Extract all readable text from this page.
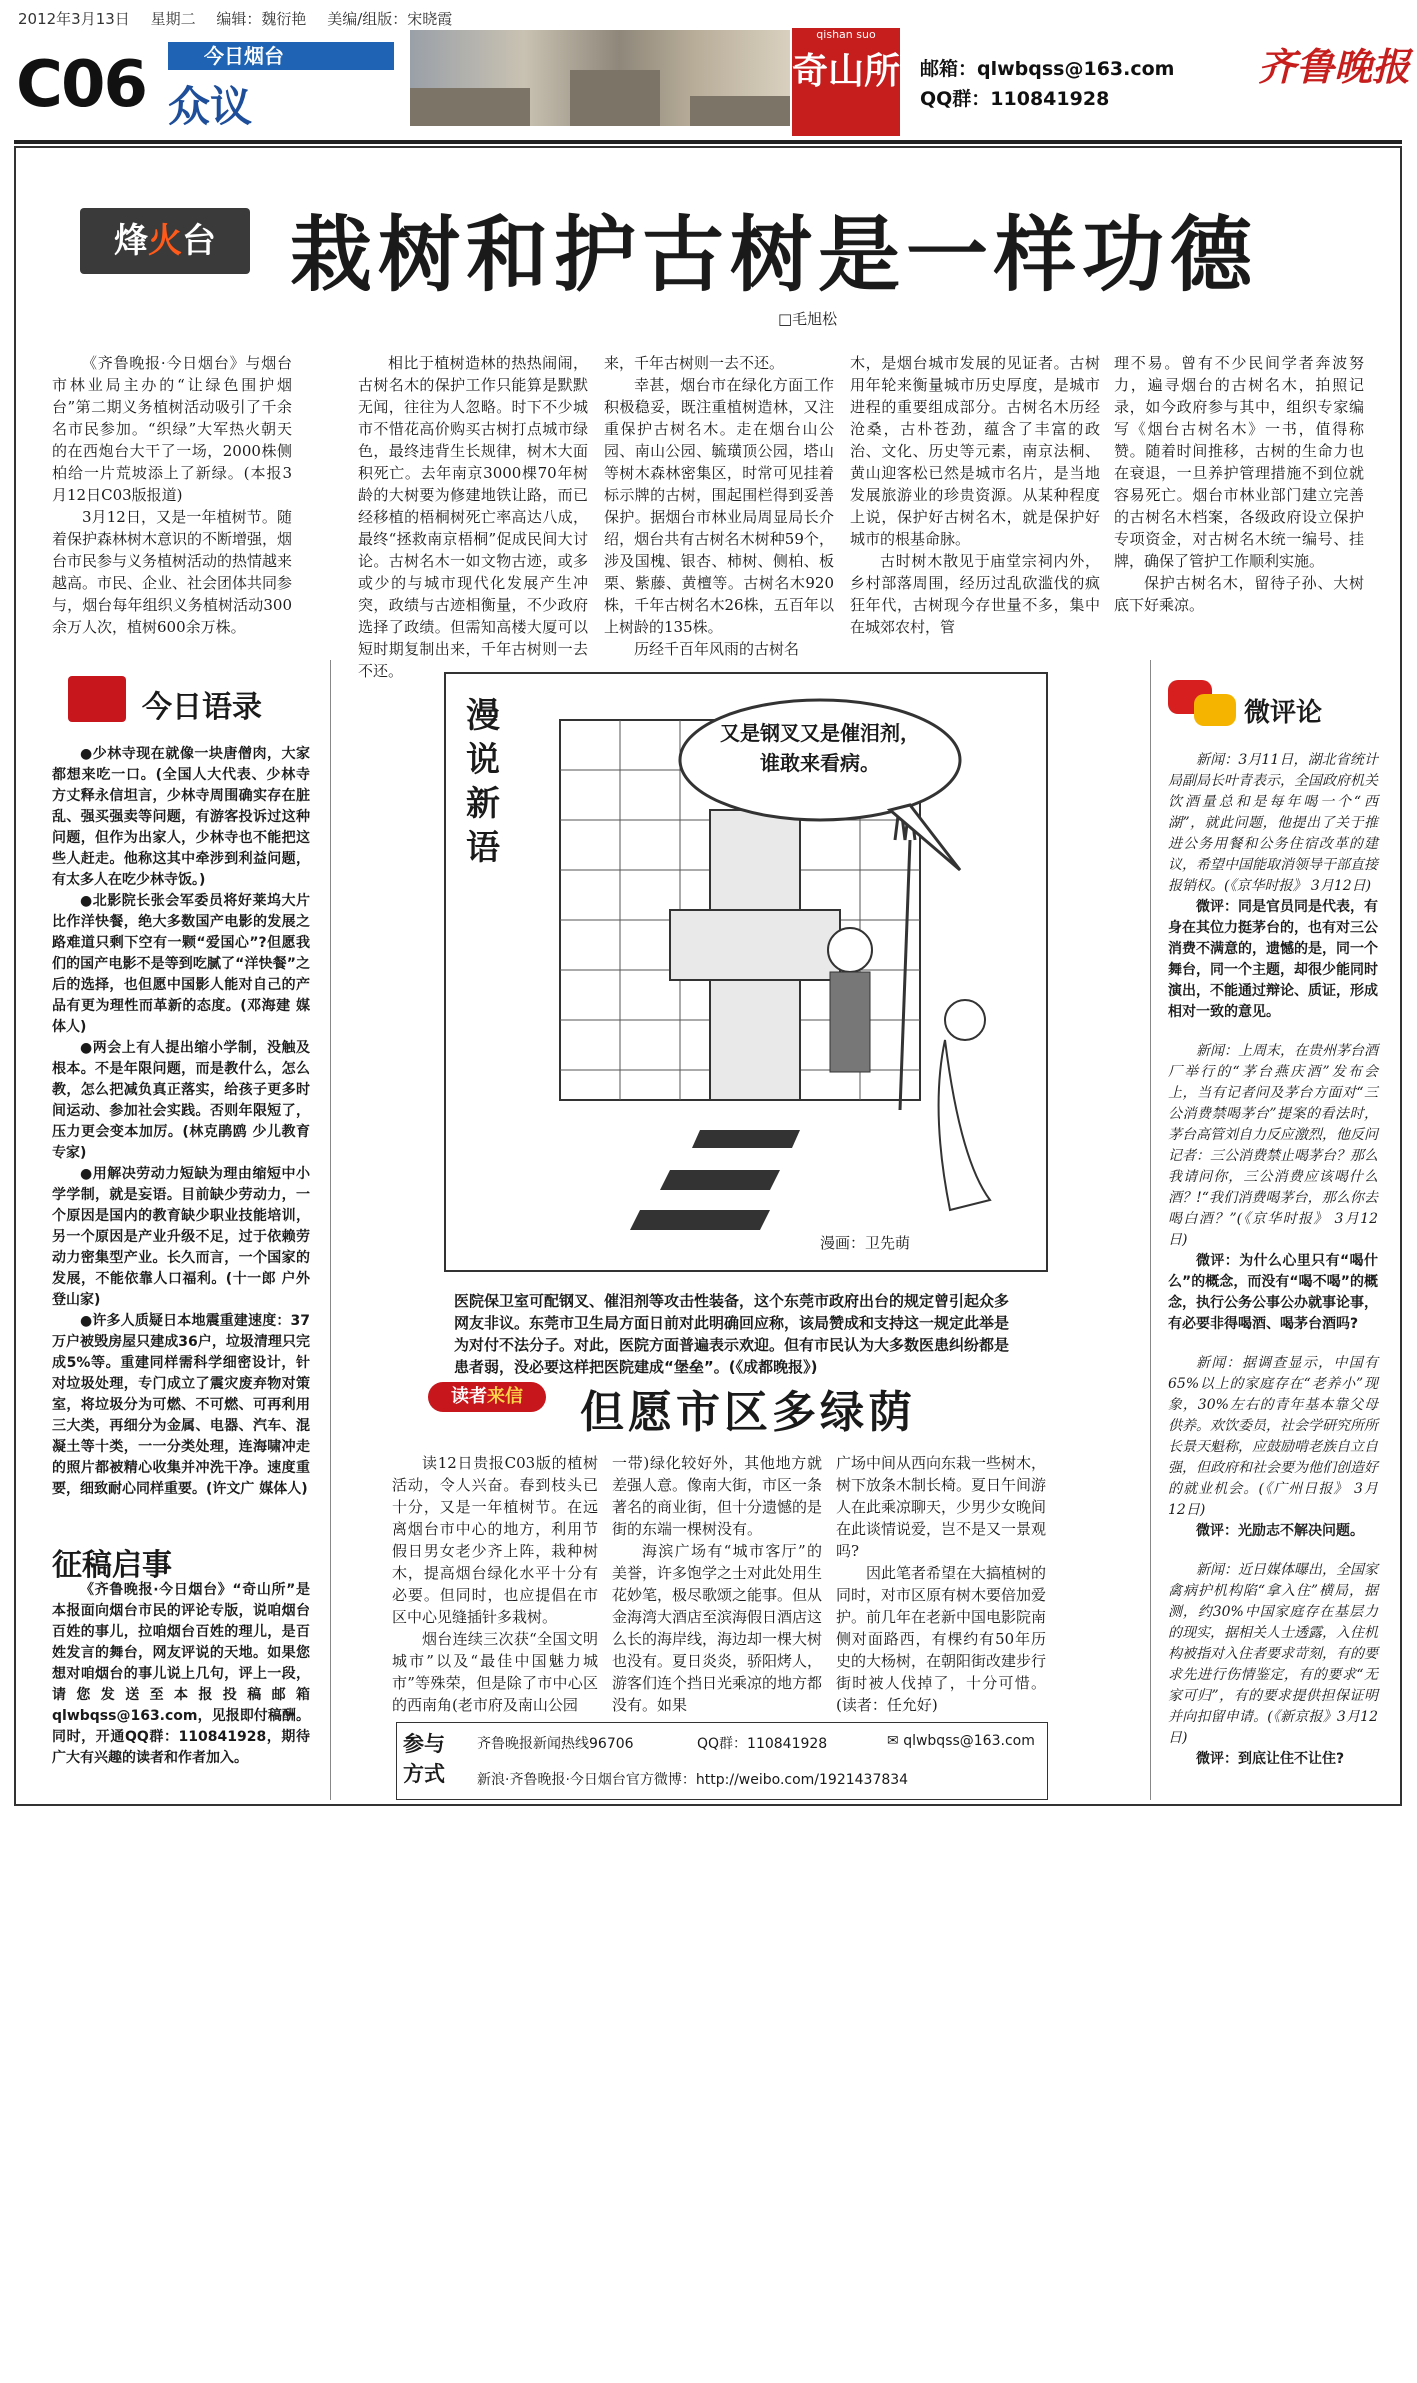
2012年3月13日 星期二 编辑：魏衍艳 美编/组版：宋晓霞
C06	今日烟台
众议
qishan suo
奇山所 邮箱：qlwbqss@163.com
QQ群：110841928
齐鲁晚报
烽火台 栽树和护古树是一样功德
□毛旭松

《齐鲁晚报·今日烟台》与烟台市林业局主办的“让绿色围护烟台”第二期义务植树活动吸引了千余名市民参加。“织绿”大军热火朝天的在西炮台大干了一场，2000株侧柏给一片荒坡添上了新绿。(本报3月12日C03版报道)

3月12日，又是一年植树节。随着保护森林树木意识的不断增强，烟台市民参与义务植树活动的热情越来越高。市民、企业、社会团体共同参与，烟台每年组织义务植树活动300余万人次，植树600余万株。

相比于植树造林的热热闹闹，古树名木的保护工作只能算是默默无闻，往往为人忽略。时下不少城市不惜花高价购买古树打点城市绿色，最终违背生长规律，树木大面积死亡。去年南京3000棵70年树龄的大树要为修建地铁让路，而已经移植的梧桐树死亡率高达八成，最终“拯救南京梧桐”促成民间大讨论。古树名木一如文物古迹，或多或少的与城市现代化发展产生冲突，政绩与古迹相衡量，不少政府选择了政绩。但需知高楼大厦可以短时期复制出来，千年古树则一去不还。

来，千年古树则一去不还。

幸甚，烟台市在绿化方面工作积极稳妥，既注重植树造林，又注重保护古树名木。走在烟台山公园、南山公园、毓璜顶公园，塔山等树木森林密集区，时常可见挂着标示牌的古树，围起围栏得到妥善保护。据烟台市林业局周显局长介绍，烟台共有古树名木树种59个，涉及国槐、银杏、柿树、侧柏、板栗、紫藤、黄檀等。古树名木920株，千年古树名木26株，五百年以上树龄的135株。

历经千百年风雨的古树名

木，是烟台城市发展的见证者。古树用年轮来衡量城市历史厚度，是城市进程的重要组成部分。古树名木历经沧桑，古朴苍劲，蕴含了丰富的政治、文化、历史等元素，南京法桐、黄山迎客松已然是城市名片，是当地发展旅游业的珍贵资源。从某种程度上说，保护好古树名木，就是保护好城市的根基命脉。

古时树木散见于庙堂宗祠内外，乡村部落周围，经历过乱砍滥伐的疯狂年代，古树现今存世量不多，集中在城郊农村，管

理不易。曾有不少民间学者奔波努力，遍寻烟台的古树名木，拍照记录，如今政府参与其中，组织专家编写《烟台古树名木》一书，值得称赞。随着时间推移，古树的生命力也在衰退，一旦养护管理措施不到位就容易死亡。烟台市林业部门建立完善的古树名木档案，各级政府设立保护专项资金，对古树名木统一编号、挂牌，确保了管护工作顺利实施。

保护古树名木，留待子孙、大树底下好乘凉。

今日语录

●少林寺现在就像一块唐僧肉，大家都想来吃一口。(全国人大代表、少林寺方丈释永信坦言，少林寺周围确实存在脏乱、强买强卖等问题，有游客投诉过这种问题，但作为出家人，少林寺也不能把这些人赶走。他称这其中牵涉到利益问题，有太多人在吃少林寺饭。)

●北影院长张会军委员将好莱坞大片比作洋快餐，绝大多数国产电影的发展之路难道只剩下空有一颗“爱国心”?但愿我们的国产电影不是等到吃腻了“洋快餐”之后的选择，也但愿中国影人能对自己的产品有更为理性而革新的态度。(邓海建 媒体人)

●两会上有人提出缩小学制，没触及根本。不是年限问题，而是教什么，怎么教，怎么把减负真正落实，给孩子更多时间运动、参加社会实践。否则年限短了，压力更会变本加厉。(林克鹃鸥 少儿教育专家)

●用解决劳动力短缺为理由缩短中小学学制，就是妄语。目前缺少劳动力，一个原因是国内的教育缺少职业技能培训，另一个原因是产业升级不足，过于依赖劳动力密集型产业。长久而言，一个国家的发展，不能依靠人口福利。(十一郎 户外登山家)

●许多人质疑日本地震重建速度：37万户被毁房屋只建成36户，垃圾清理只完成5%等。重建同样需科学细密设计，针对垃圾处理，专门成立了震灾废弃物对策室，将垃圾分为可燃、不可燃、可再利用三大类，再细分为金属、电器、汽车、混凝土等十类，一一分类处理，连海啸冲走的照片都被精心收集并冲洗干净。速度重要，细致耐心同样重要。(许文广 媒体人)

征稿启事

《齐鲁晚报·今日烟台》“奇山所”是本报面向烟台市民的评论专版，说咱烟台百姓的事儿，拉咱烟台百姓的理儿，是百姓发言的舞台，网友评说的天地。如果您想对咱烟台的事儿说上几句，评上一段，请您发送至本报投稿邮箱qlwbqss@163.com，见报即付稿酬。同时，开通QQ群：110841928，期待广大有兴趣的读者和作者加入。

漫说新语
又是钢叉又是催泪剂，谁敢来看病。
漫画：卫先萌
医院保卫室可配钢叉、催泪剂等攻击性装备，这个东莞市政府出台的规定曾引起众多网友非议。东莞市卫生局方面日前对此明确回应称，该局赞成和支持这一规定此举是为对付不法分子。对此，医院方面普遍表示欢迎。但有市民认为大多数医患纠纷都是患者弱，没必要这样把医院建成“堡垒”。(《成都晚报》)
读者来信	但愿市区多绿荫

读12日贵报C03版的植树活动，令人兴奋。春到枝头已十分，又是一年植树节。在远离烟台市中心的地方，利用节假日男女老少齐上阵，栽种树木，提高烟台绿化水平十分有必要。但同时，也应提倡在市区中心见缝插针多栽树。

烟台连续三次获“全国文明城市”以及“最佳中国魅力城市”等殊荣，但是除了市中心区的西南角(老市府及南山公园

一带)绿化较好外，其他地方就差强人意。像南大街，市区一条著名的商业街，但十分遗憾的是街的东端一棵树没有。

海滨广场有“城市客厅”的美誉，许多饱学之士对此处用生花妙笔，极尽歌颂之能事。但从金海湾大酒店至滨海假日酒店这么长的海岸线，海边却一棵大树也没有。夏日炎炎，骄阳烤人，游客们连个挡日光乘凉的地方都没有。如果

广场中间从西向东栽一些树木，树下放条木制长椅。夏日午间游人在此乘凉聊天，少男少女晚间在此谈情说爱，岂不是又一景观吗?

因此笔者希望在大搞植树的同时，对市区原有树木要倍加爱护。前几年在老新中国电影院南侧对面路西，有棵约有50年历史的大杨树，在朝阳街改建步行街时被人伐掉了，十分可惜。(读者：任允好)

参与方式
齐鲁晚报新闻热线96706	QQ群：110841928	✉ qlwbqss@163.com
新浪·齐鲁晚报·今日烟台官方微博：http://weibo.com/1921437834
微评论

新闻：3月11日，湖北省统计局副局长叶青表示，全国政府机关饮酒量总和是每年喝一个“西湖”，就此问题，他提出了关于推进公务用餐和公务住宿改革的建议，希望中国能取消领导干部直接报销权。(《京华时报》 3月12日)

微评：同是官员同是代表，有身在其位力挺茅台的，也有对三公消费不满意的，遗憾的是，同一个舞台，同一个主题，却很少能同时演出，不能通过辩论、质证，形成相对一致的意见。

新闻：上周末，在贵州茅台酒厂举行的“茅台燕庆酒”发布会上，当有记者问及茅台方面对“三公消费禁喝茅台”提案的看法时，茅台高管刘自力反应激烈，他反问记者：三公消费禁止喝茅台？那么我请问你，三公消费应该喝什么酒？!“我们消费喝茅台，那么你去喝白酒？”(《京华时报》 3月12日)

微评：为什么心里只有“喝什么”的概念，而没有“喝不喝”的概念，执行公务公事公办就事论事，有必要非得喝酒、喝茅台酒吗?

新闻：据调查显示，中国有65%以上的家庭存在“老养小”现象，30%左右的青年基本靠父母供养。欢饮委员，社会学研究所所长景天魁称，应鼓励啃老族自立自强，但政府和社会要为他们创造好的就业机会。(《广州日报》 3月12日)

微评：光励志不解决问题。

新闻：近日媒体曝出，全国家禽病护机构陷“拿入住”横局，据测，约30%中国家庭存在基层力的现实，据相关人士透露，入住机构被指对入住者要求苛刻，有的要求先进行伤情鉴定，有的要求“无家可归”，有的要求提供担保证明并向扣留申请。(《新京报》3月12日)

微评：到底让住不让住?
